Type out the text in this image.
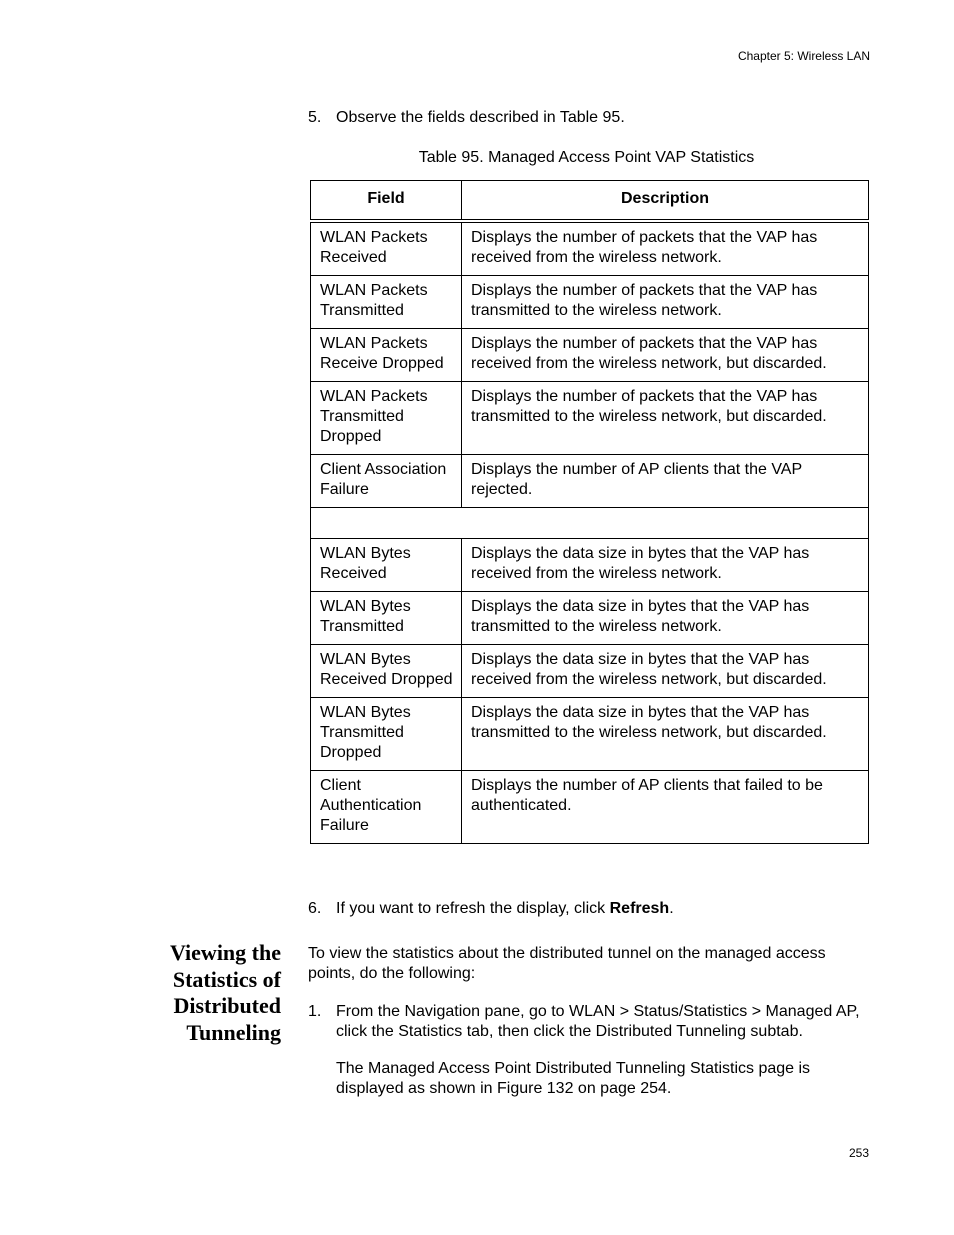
Chapter 5: Wireless LAN
5. Observe the fields described in Table 95.
Table 95. Managed Access Point VAP Statistics
Field	Description
WLAN Packets Received	Displays the number of packets that the VAP has received from the wireless network.
WLAN Packets Transmitted	Displays the number of packets that the VAP has transmitted to the wireless network.
WLAN Packets Receive Dropped	Displays the number of packets that the VAP has received from the wireless network, but discarded.
WLAN Packets Transmitted Dropped	Displays the number of packets that the VAP has transmitted to the wireless network, but discarded.
Client Association Failure	Displays the number of AP clients that the VAP rejected.

WLAN Bytes Received	Displays the data size in bytes that the VAP has received from the wireless network.
WLAN Bytes Transmitted	Displays the data size in bytes that the VAP has transmitted to the wireless network.
WLAN Bytes Received Dropped	Displays the data size in bytes that the VAP has received from the wireless network, but discarded.
WLAN Bytes Transmitted Dropped	Displays the data size in bytes that the VAP has transmitted to the wireless network, but discarded.
Client Authentication Failure	Displays the number of AP clients that failed to be authenticated.
6. If you want to refresh the display, click Refresh.
Viewing the
Statistics of
Distributed
Tunneling
To view the statistics about the distributed tunnel on the managed access points, do the following:
1. From the Navigation pane, go to WLAN > Status/Statistics > Managed AP, click the Statistics tab, then click the Distributed Tunneling subtab.
The Managed Access Point Distributed Tunneling Statistics page is displayed as shown in Figure 132 on page 254.
253
